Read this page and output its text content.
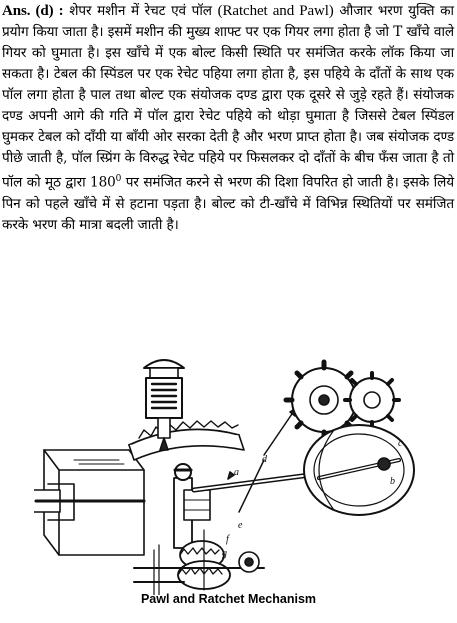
Ans. (d) : शेपर मशीन में रेचट एवं पॉल (Ratchet and Pawl) औजार भरण युक्ति का प्रयोग किया जाता है। इसमें मशीन की मुख्य शाफ्ट पर एक गियर लगा होता है जो T खाँचे वाले गियर को घुमाता है। इस खाँचे में एक बोल्ट किसी स्थिति पर समंजित करके लॉक किया जा सकता है। टेबल की स्पिंडल पर एक रेचेट पहिया लगा होता है, इस पहिये के दाँतों के साथ एक पॉल लगा होता है पाल तथा बोल्ट एक संयोजक दण्ड द्वारा एक दूसरे से जुड़े रहते हैं। संयोजक दण्ड अपनी आगे की गति में पॉल द्वारा रेचेट पहिये को थोड़ा घुमाता है जिससे टेबल स्पिंडल घुमकर टेबल को दाँयी या बाँयी ओर सरका देती है और भरण प्राप्त होता है। जब संयोजक दण्ड पीछे जाती है, पॉल स्प्रिंग के विरुद्ध रेचेट पहिये पर फिसलकर दो दाँतों के बीच फँस जाता है तो पॉल को मूठ द्वारा $180^0$ पर समंजित करने से भरण की दिशा विपरित हो जाती है। इसके लिये पिन को पहले खाँचे में से हटाना पड़ता है। बोल्ट को टी-खाँचे में विभिन्न स्थितियों पर समंजित करके भरण की मात्रा बदली जाती है।

c
b
a
d
e
f
g
Pawl and Ratchet Mechanism
